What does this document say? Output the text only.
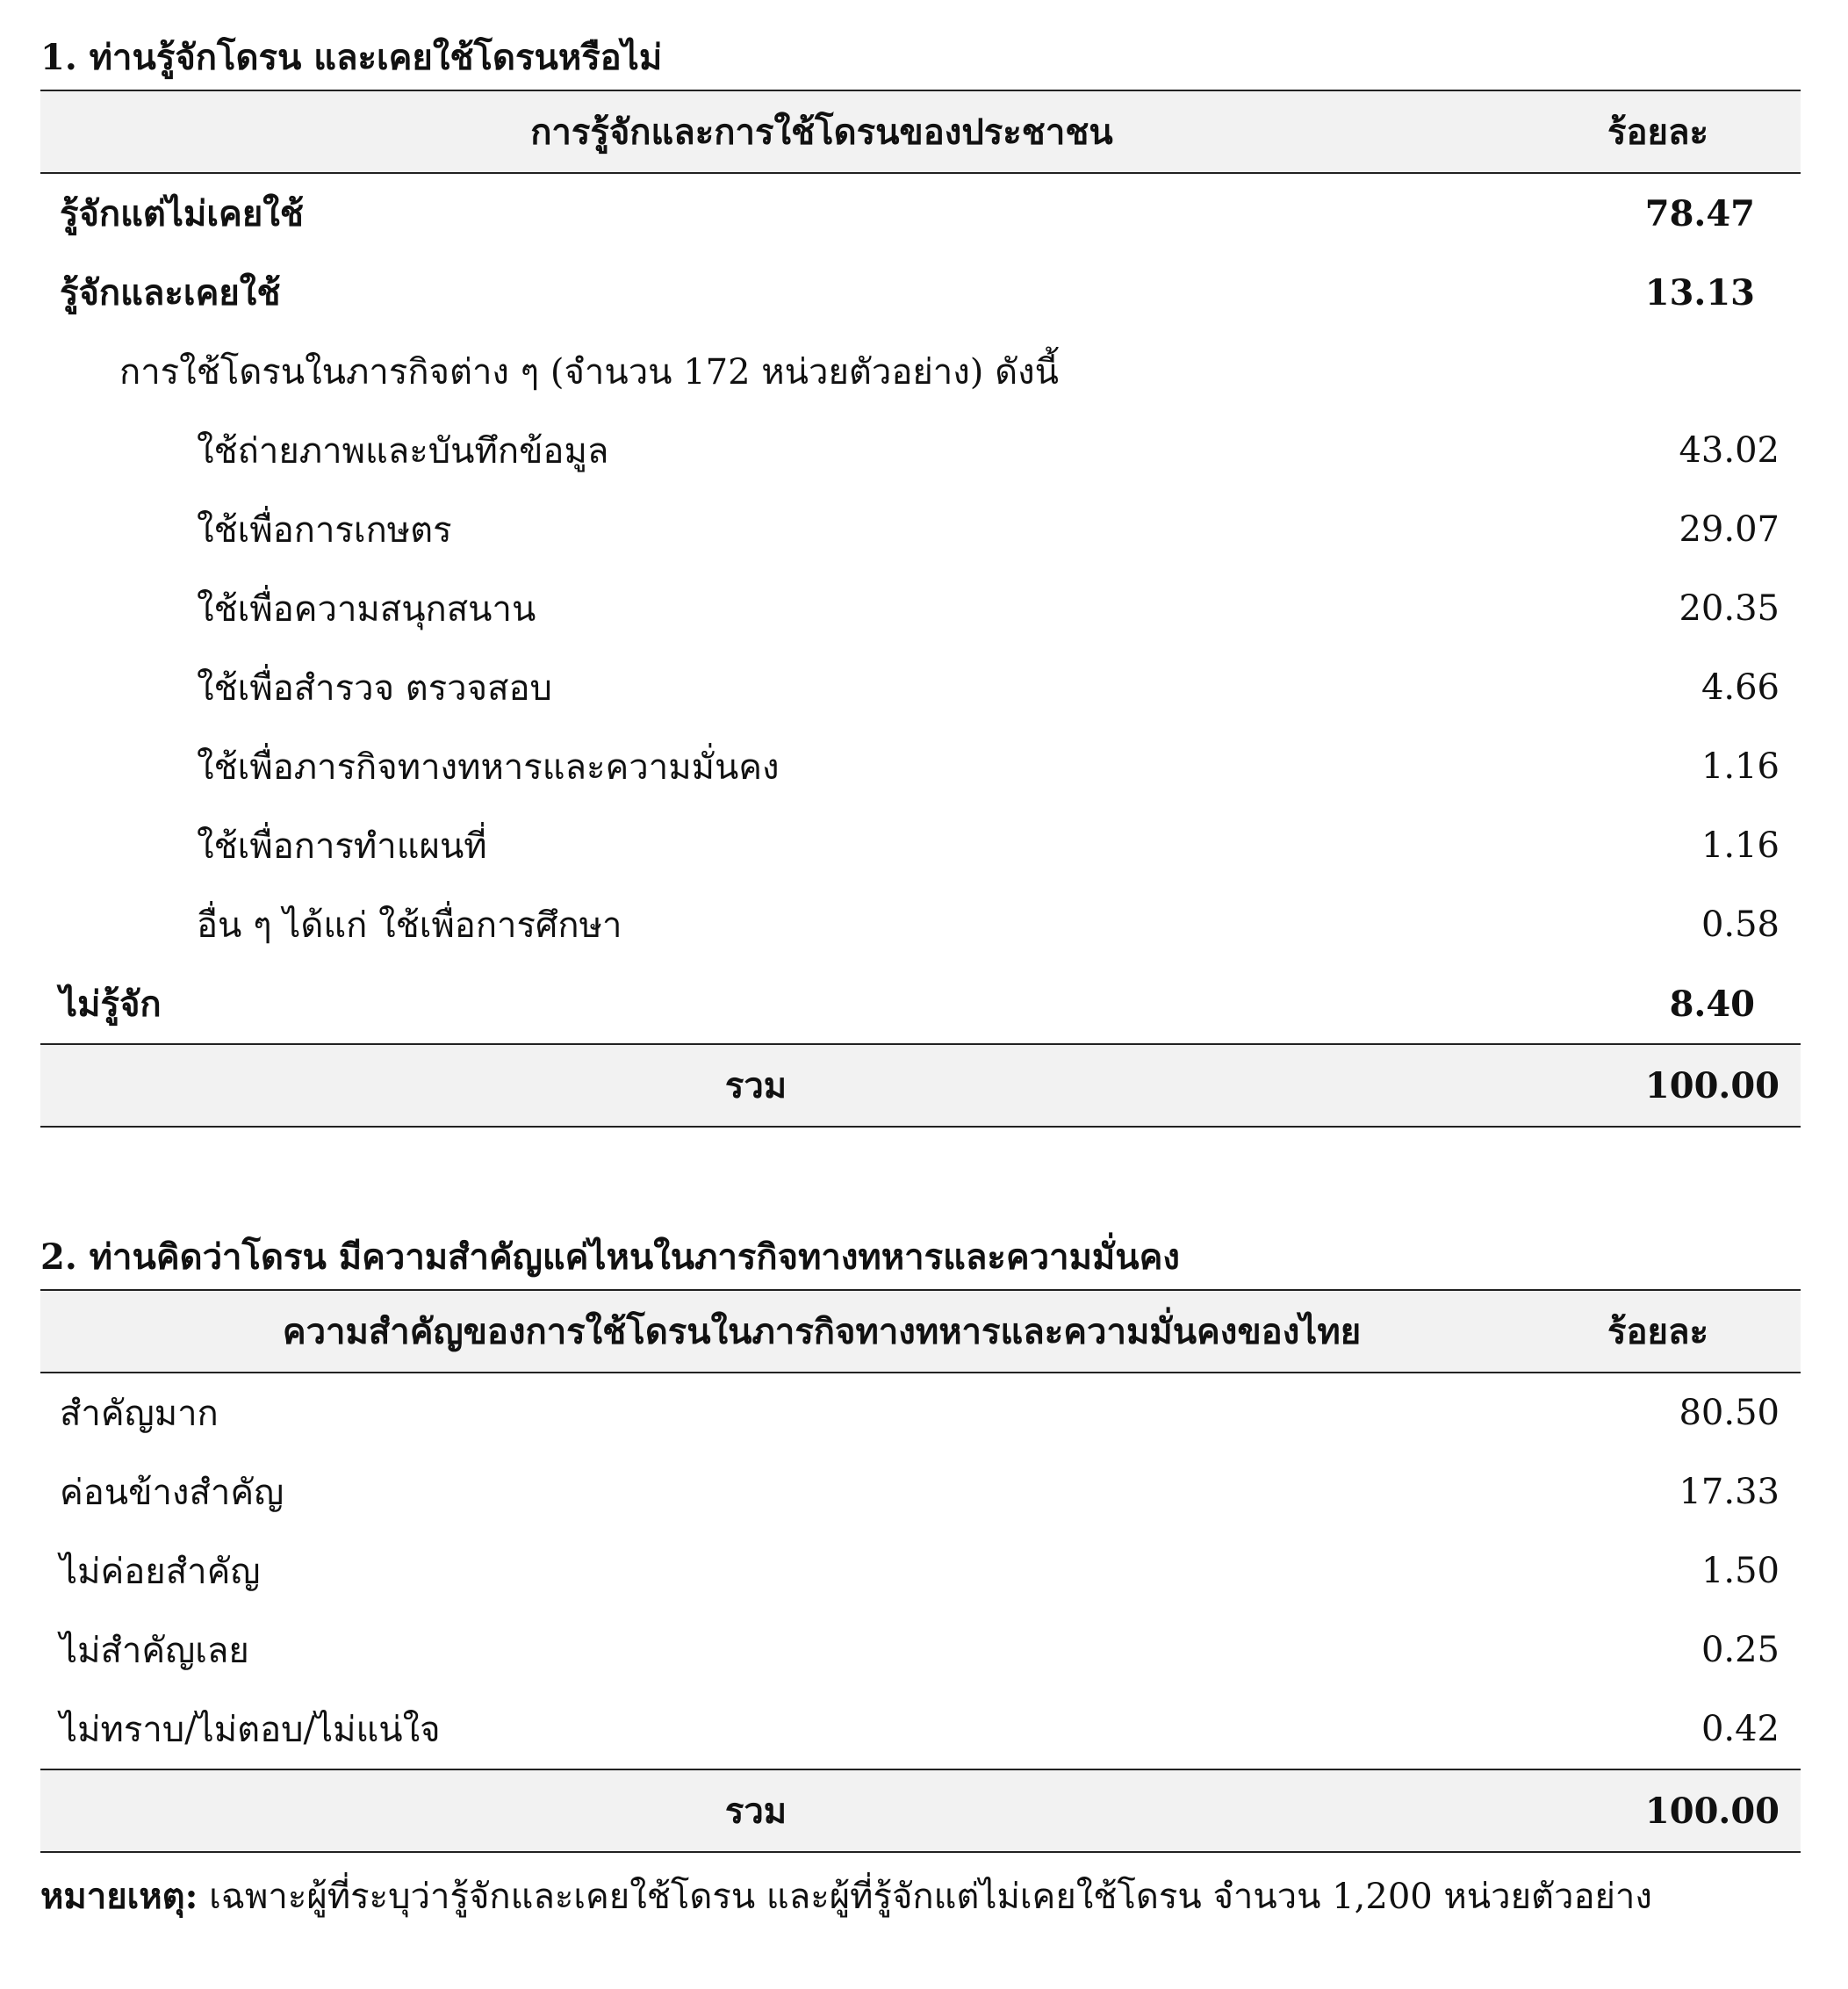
1. ท่านรู้จักโดรน และเคยใช้โดรนหรือไม่
การรู้จักและการใช้โดรนของประชาชน	ร้อยละ
รู้จักแต่ไม่เคยใช้	78.47
รู้จักและเคยใช้	13.13
การใช้โดรนในภารกิจต่าง ๆ (จำนวน 172 หน่วยตัวอย่าง) ดังนี้	
ใช้ถ่ายภาพและบันทึกข้อมูล	43.02
ใช้เพื่อการเกษตร	29.07
ใช้เพื่อความสนุกสนาน	20.35
ใช้เพื่อสำรวจ ตรวจสอบ	4.66
ใช้เพื่อภารกิจทางทหารและความมั่นคง	1.16
ใช้เพื่อการทำแผนที่	1.16
อื่น ๆ ได้แก่ ใช้เพื่อการศึกษา	0.58
ไม่รู้จัก	8.40
รวม	100.00
2. ท่านคิดว่าโดรน มีความสำคัญแค่ไหนในภารกิจทางทหารและความมั่นคง
ความสำคัญของการใช้โดรนในภารกิจทางทหารและความมั่นคงของไทย	ร้อยละ
สำคัญมาก	80.50
ค่อนข้างสำคัญ	17.33
ไม่ค่อยสำคัญ	1.50
ไม่สำคัญเลย	0.25
ไม่ทราบ/ไม่ตอบ/ไม่แน่ใจ	0.42
รวม	100.00
หมายเหตุ: เฉพาะผู้ที่ระบุว่ารู้จักและเคยใช้โดรน และผู้ที่รู้จักแต่ไม่เคยใช้โดรน จำนวน 1,200 หน่วยตัวอย่าง
